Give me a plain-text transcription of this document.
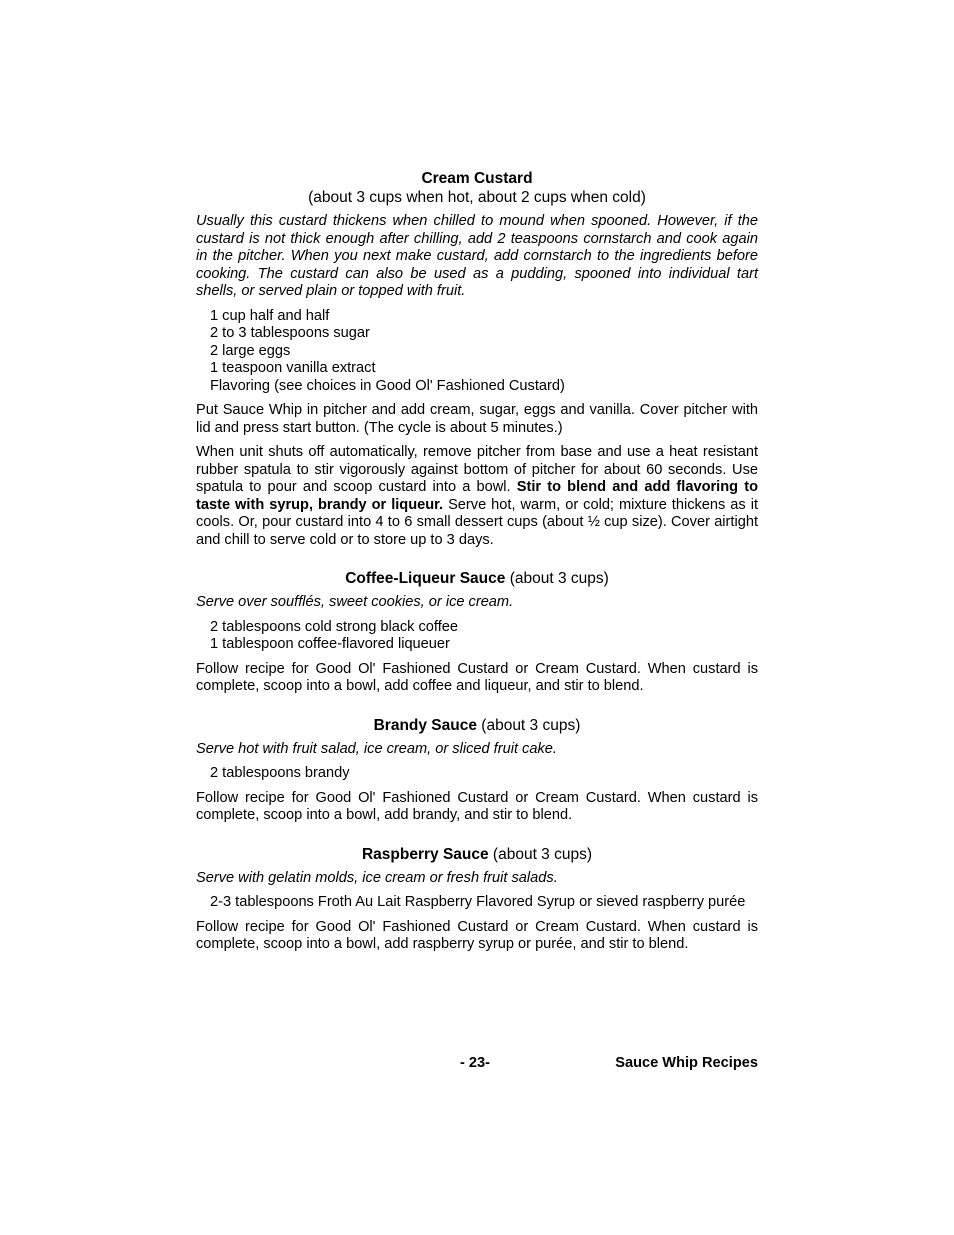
Cream Custard
(about 3 cups when hot, about 2 cups when cold)

Usually this custard thickens when chilled to mound when spooned. However, if the custard is not thick enough after chilling, add 2 teaspoons cornstarch and cook again in the pitcher. When you next make custard, add cornstarch to the ingredients before cooking. The custard can also be used as a pudding, spooned into individual tart shells, or served plain or topped with fruit.

1 cup half and half
2 to 3 tablespoons sugar
2 large eggs
1 teaspoon vanilla extract
Flavoring (see choices in Good Ol' Fashioned Custard)

Put Sauce Whip in pitcher and add cream, sugar, eggs and vanilla. Cover pitcher with lid and press start button. (The cycle is about 5 minutes.)

When unit shuts off automatically, remove pitcher from base and use a heat resistant rubber spatula to stir vigorously against bottom of pitcher for about 60 seconds. Use spatula to pour and scoop custard into a bowl. Stir to blend and add flavoring to taste with syrup, brandy or liqueur. Serve hot, warm, or cold; mixture thickens as it cools. Or, pour custard into 4 to 6 small dessert cups (about ½ cup size). Cover airtight and chill to serve cold or to store up to 3 days.

Coffee-Liqueur Sauce (about 3 cups)

Serve over soufflés, sweet cookies, or ice cream.

2 tablespoons cold strong black coffee
1 tablespoon coffee-flavored liqueuer

Follow recipe for Good Ol' Fashioned Custard or Cream Custard. When custard is complete, scoop into a bowl, add coffee and liqueur, and stir to blend.

Brandy Sauce (about 3 cups)

Serve hot with fruit salad, ice cream, or sliced fruit cake.

2 tablespoons brandy

Follow recipe for Good Ol' Fashioned Custard or Cream Custard. When custard is complete, scoop into a bowl, add brandy, and stir to blend.

Raspberry Sauce (about 3 cups)

Serve with gelatin molds, ice cream or fresh fruit salads.

2-3 tablespoons Froth Au Lait Raspberry Flavored Syrup or sieved raspberry purée

Follow recipe for Good Ol' Fashioned Custard or Cream Custard. When custard is complete, scoop into a bowl, add raspberry syrup or purée, and stir to blend.

- 23-	Sauce Whip Recipes
